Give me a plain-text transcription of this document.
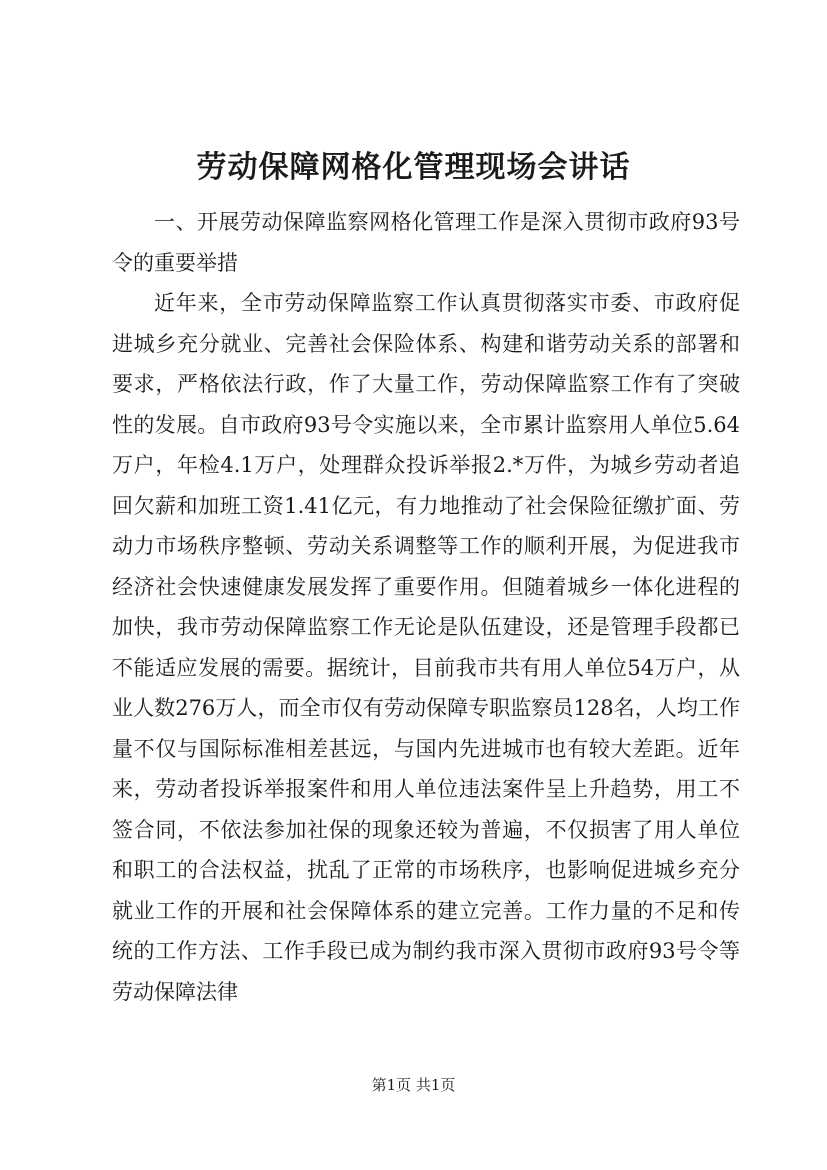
劳动保障网格化管理现场会讲话

一、开展劳动保障监察网格化管理工作是深入贯彻市政府93号令的重要举措

近年来，全市劳动保障监察工作认真贯彻落实市委、市政府促进城乡充分就业、完善社会保险体系、构建和谐劳动关系的部署和要求，严格依法行政，作了大量工作，劳动保障监察工作有了突破性的发展。自市政府93号令实施以来，全市累计监察用人单位5.64万户，年检4.1万户，处理群众投诉举报2.*万件，为城乡劳动者追回欠薪和加班工资1.41亿元，有力地推动了社会保险征缴扩面、劳动力市场秩序整顿、劳动关系调整等工作的顺利开展，为促进我市经济社会快速健康发展发挥了重要作用。但随着城乡一体化进程的加快，我市劳动保障监察工作无论是队伍建设，还是管理手段都已不能适应发展的需要。据统计，目前我市共有用人单位54万户，从业人数276万人，而全市仅有劳动保障专职监察员128名，人均工作量不仅与国际标准相差甚远，与国内先进城市也有较大差距。近年来，劳动者投诉举报案件和用人单位违法案件呈上升趋势，用工不签合同，不依法参加社保的现象还较为普遍，不仅损害了用人单位和职工的合法权益，扰乱了正常的市场秩序，也影响促进城乡充分就业工作的开展和社会保障体系的建立完善。工作力量的不足和传统的工作方法、工作手段已成为制约我市深入贯彻市政府93号令等劳动保障法律

第1页 共1页
